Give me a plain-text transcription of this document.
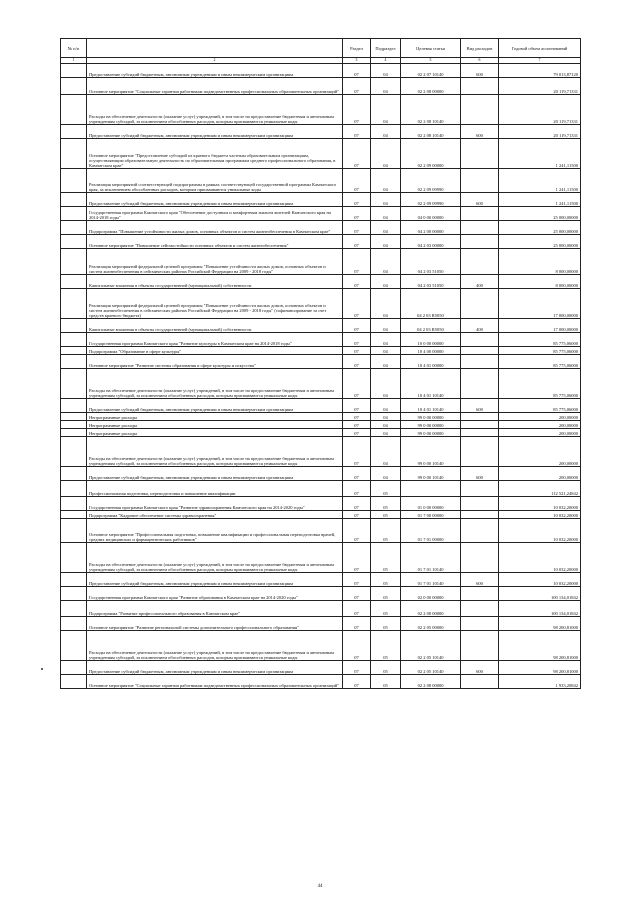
№ п/п		Раздел	Подраздел	Целевая статья	Вид расходов	Годовой объем ассигнований
1	2	3	4	5	6	7
	Предоставление субсидий бюджетным, автономным учреждениям и иным некоммерческим организациям	07	04	02 2 07 10140	600	79 013,87120
	Основное мероприятие "Социальные гарантии работникам подведомственных профессиональных образовательных организаций"	07	04	02 2 08 00000		20 119,71331
	Расходы на обеспечение деятельности (оказание услуг) учреждений, в том числе на предоставление бюджетным и автономным учреждениям субсидий, за исключением обособленных расходов, которым присваиваются уникальные коды	07	04	02 2 08 10140		20 119,71331
	Предоставление субсидий бюджетным, автономным учреждениям и иным некоммерческим организациям	07	04	02 2 08 10140	600	20 119,71331
	Основное мероприятие "Предоставление субсидий из краевого бюджета частным образовательным организациям, осуществляющим образовательную деятельность по образовательным программам среднего профессионального образования, в Камчатском крае"	07	04	02 2 09 00000		1 241,11500
	Реализация мероприятий соответствующей подпрограммы в рамках соответствующей государственной программы Камчатского края, за исключением обособленных расходов, которым присваиваются уникальные коды	07	04	02 2 09 09990		1 241,11500
	Предоставление субсидий бюджетным, автономным учреждениям и иным некоммерческим организациям	07	04	02 2 09 09990	600	1 241,11500
	Государственная программа Камчатского края "Обеспечение доступным и комфортным жильем жителей Камчатского края на 2014-2018 годы"	07	04	04 0 00 00000		25 000,00000
	Подпрограмма "Повышение устойчивости жилых домов, основных объектов и систем жизнеобеспечения в Камчатском крае"	07	04	04 2 00 00000		25 000,00000
	Основное мероприятие "Повышение сейсмостойкости основных объектов и систем жизнеобеспечения"	07	04	04 2 03 00000		25 000,00000
	Реализация мероприятий федеральной целевой программы "Повышение устойчивости жилых домов, основных объектов и систем жизнеобеспечения в сейсмических районах Российской Федерации на 2009 - 2018 годы"	07	04	04 2 03 51050		8 000,00000
	Капитальные вложения в объекты государственной (муниципальной) собственности	07	04	04 2 03 51050	400	8 000,00000
	Реализация мероприятий федеральной целевой программы "Повышение устойчивости жилых домов, основных объектов и систем жизнеобеспечения в сейсмических районах Российской Федерации на 2009 - 2018 годы" (софинансирование за счет средств краевого бюджета)	07	04	04 2 03 R5050		17 000,00000
	Капитальные вложения в объекты государственной (муниципальной) собственности	07	04	04 2 03 R5050	400	17 000,00000
	Государственная программа Камчатского края "Развитие культуры в Камчатском крае на 2014-2018 годы"	07	04	10 0 00 00000		85 775,06000
	Подпрограмма "Образование в сфере культуры"	07	04	10 4 00 00000		85 775,06000
	Основное мероприятие "Развитие системы образования в сфере культуры и искусства"	07	04	10 4 01 00000		85 775,06000
	Расходы на обеспечение деятельности (оказание услуг) учреждений, в том числе на предоставление бюджетным и автономным учреждениям субсидий, за исключением обособленных расходов, которым присваиваются уникальные коды	07	04	10 4 01 10140		85 775,06000
	Предоставление субсидий бюджетным, автономным учреждениям и иным некоммерческим организациям	07	04	10 4 01 10140	600	85 775,06000
	Непрограммные расходы	07	04	99 0 00 00000		200,00000
	Непрограммные расходы	07	04	99 0 00 00000		200,00000
	Непрограммные расходы	07	04	99 0 00 00000		200,00000
	Расходы на обеспечение деятельности (оказание услуг) учреждений, в том числе на предоставление бюджетным и автономным учреждениям субсидий, за исключением обособленных расходов, которым присваиваются уникальные коды	07	04	99 0 00 10140		200,00000
	Предоставление субсидий бюджетным, автономным учреждениям и иным некоммерческим организациям	07	04	99 0 00 10140	600	200,00000
	Профессиональная подготовка, переподготовка и повышение квалификации	07	05			112 521,24842
	Государственная программа Камчатского края "Развитие здравоохранения Камчатского края на 2014-2020 годы"	07	05	01 0 00 00000		10 032,20000
	Подпрограмма "Кадровое обеспечение системы здравоохранения"	07	05	01 7 00 00000		10 032,20000
	Основное мероприятие "Профессиональная подготовка, повышение квалификации и профессиональная переподготовка врачей, средних медицинских и фармацевтических работников"	07	05	01 7 01 00000		10 032,20000
	Расходы на обеспечение деятельности (оказание услуг) учреждений, в том числе на предоставление бюджетным и автономным учреждениям субсидий, за исключением обособленных расходов, которым присваиваются уникальные коды	07	05	01 7 01 10140		10 032,20000
	Предоставление субсидий бюджетным, автономным учреждениям и иным некоммерческим организациям	07	05	01 7 01 10140	600	10 032,20000
	Государственная программа Камчатского края "Развитие образования в Камчатском крае на 2014-2020 годы"	07	05	02 0 00 00000		100 134,01842
	Подпрограмма "Развитие профессионального образования в Камчатском крае"	07	05	02 2 00 00000		100 134,01842
	Основное мероприятие "Развитие региональной системы дополнительного профессионального образования"	07	05	02 2 05 00000		98 200,81000
	Расходы на обеспечение деятельности (оказание услуг) учреждений, в том числе на предоставление бюджетным и автономным учреждениям субсидий, за исключением обособленных расходов, которым присваиваются уникальные коды	07	05	02 2 05 10140		98 200,81000
	Предоставление субсидий бюджетным, автономным учреждениям и иным некоммерческим организациям	07	05	02 2 05 10140	600	98 200,81000
	Основное мероприятие "Социальные гарантии работникам подведомственных профессиональных образовательных организаций"	07	05	02 2 08 00000		1 933,20842
44
